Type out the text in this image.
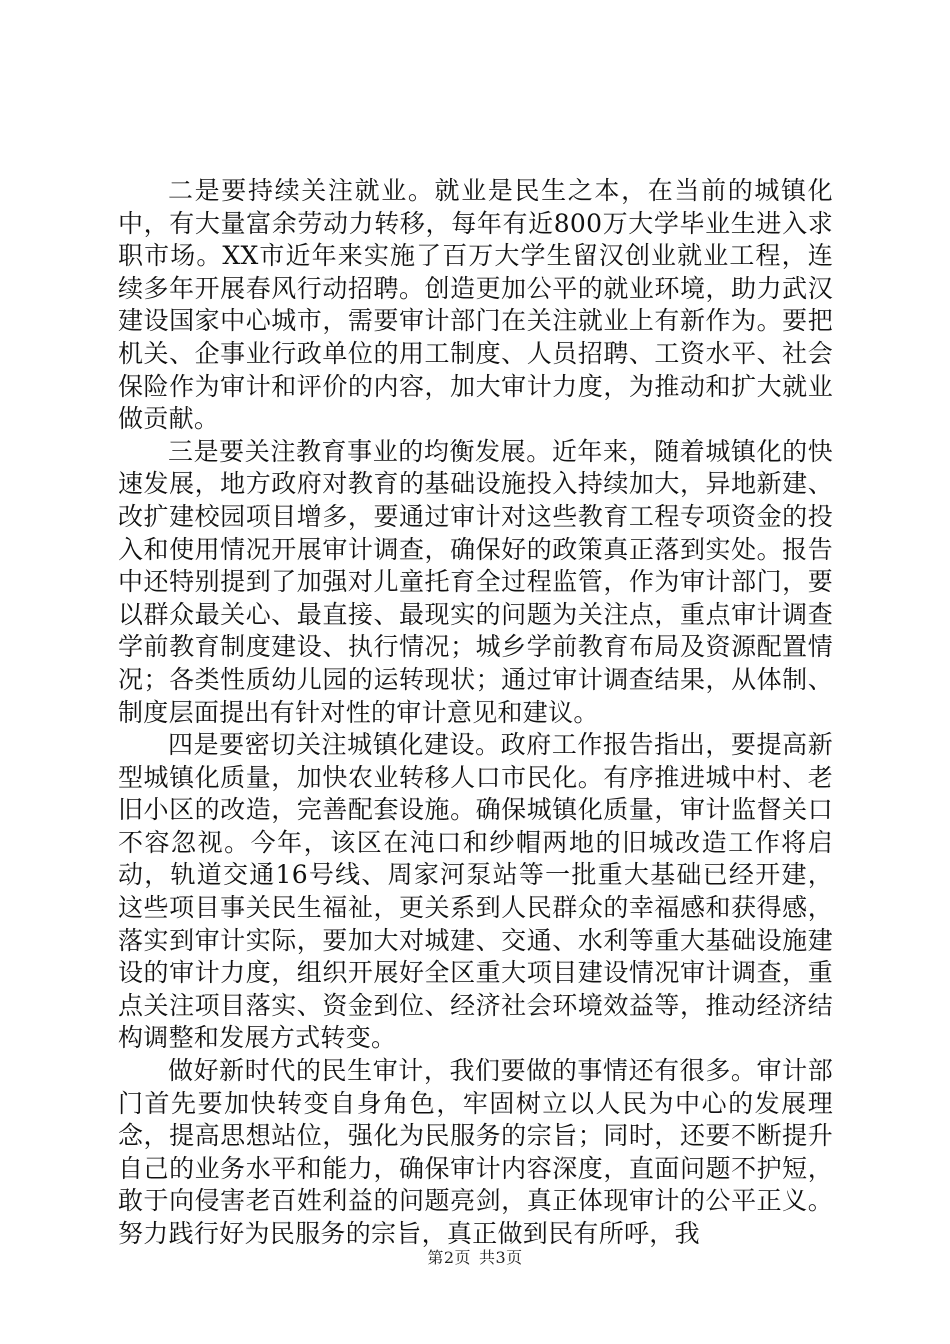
二是要持续关注就业。就业是民生之本，在当前的城镇化中，有大量富余劳动力转移，每年有近800万大学毕业生进入求职市场。XX市近年来实施了百万大学生留汉创业就业工程，连续多年开展春风行动招聘。创造更加公平的就业环境，助力武汉建设国家中心城市，需要审计部门在关注就业上有新作为。要把机关、企事业行政单位的用工制度、人员招聘、工资水平、社会保险作为审计和评价的内容，加大审计力度，为推动和扩大就业做贡献。

三是要关注教育事业的均衡发展。近年来，随着城镇化的快速发展，地方政府对教育的基础设施投入持续加大，异地新建、改扩建校园项目增多，要通过审计对这些教育工程专项资金的投入和使用情况开展审计调查，确保好的政策真正落到实处。报告中还特别提到了加强对儿童托育全过程监管，作为审计部门，要以群众最关心、最直接、最现实的问题为关注点，重点审计调查学前教育制度建设、执行情况；城乡学前教育布局及资源配置情况；各类性质幼儿园的运转现状；通过审计调查结果，从体制、制度层面提出有针对性的审计意见和建议。

四是要密切关注城镇化建设。政府工作报告指出，要提高新型城镇化质量，加快农业转移人口市民化。有序推进城中村、老旧小区的改造，完善配套设施。确保城镇化质量，审计监督关口不容忽视。今年，该区在沌口和纱帽两地的旧城改造工作将启动，轨道交通16号线、周家河泵站等一批重大基础已经开建，这些项目事关民生福祉，更关系到人民群众的幸福感和获得感，落实到审计实际，要加大对城建、交通、水利等重大基础设施建设的审计力度，组织开展好全区重大项目建设情况审计调查，重点关注项目落实、资金到位、经济社会环境效益等，推动经济结构调整和发展方式转变。

做好新时代的民生审计，我们要做的事情还有很多。审计部门首先要加快转变自身角色，牢固树立以人民为中心的发展理念，提高思想站位，强化为民服务的宗旨；同时，还要不断提升自己的业务水平和能力，确保审计内容深度，直面问题不护短，敢于向侵害老百姓利益的问题亮剑，真正体现审计的公平正义。努力践行好为民服务的宗旨，真正做到民有所呼，我

第2页 共3页
